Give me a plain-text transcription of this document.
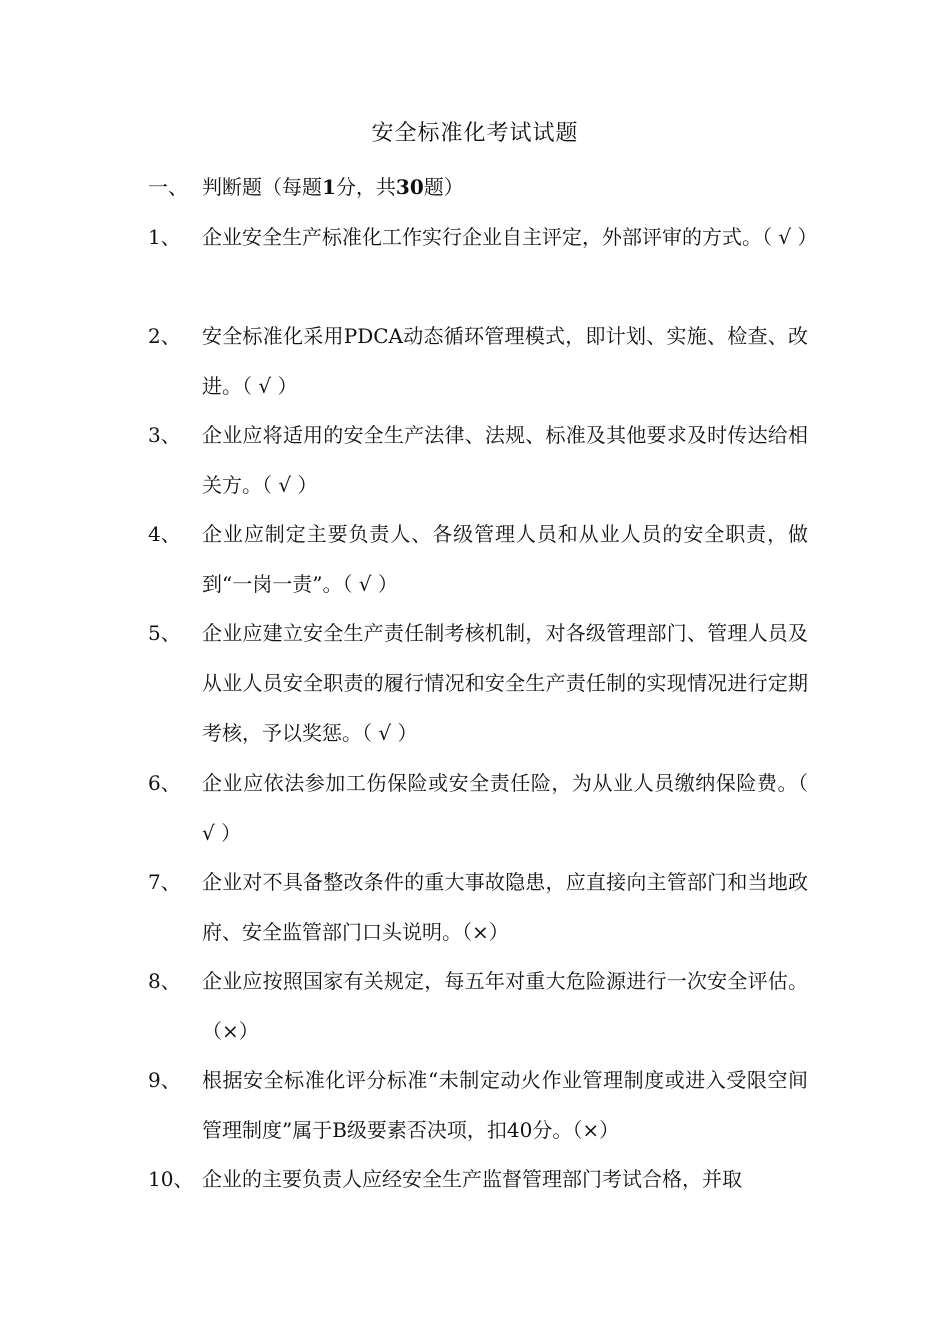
安全标准化考试试题
一、 判断题（每题1分，共30题）
1、 企业安全生产标准化工作实行企业自主评定，外部评审的方式。（ √ ）
2、 安全标准化采用PDCA动态循环管理模式，即计划、实施、检查、改进。（ √ ）
3、 企业应将适用的安全生产法律、法规、标准及其他要求及时传达给相关方。（ √ ）
4、 企业应制定主要负责人、各级管理人员和从业人员的安全职责，做到“一岗一责”。（ √ ）
5、 企业应建立安全生产责任制考核机制，对各级管理部门、管理人员及从业人员安全职责的履行情况和安全生产责任制的实现情况进行定期考核，予以奖惩。（ √ ）
6、 企业应依法参加工伤保险或安全责任险，为从业人员缴纳保险费。（ √ ）
7、 企业对不具备整改条件的重大事故隐患，应直接向主管部门和当地政府、安全监管部门口头说明。（×）
8、 企业应按照国家有关规定，每五年对重大危险源进行一次安全评估。（×）
9、 根据安全标准化评分标准“未制定动火作业管理制度或进入受限空间管理制度”属于B级要素否决项，扣40分。（×）
10、 企业的主要负责人应经安全生产监督管理部门考试合格，并取
